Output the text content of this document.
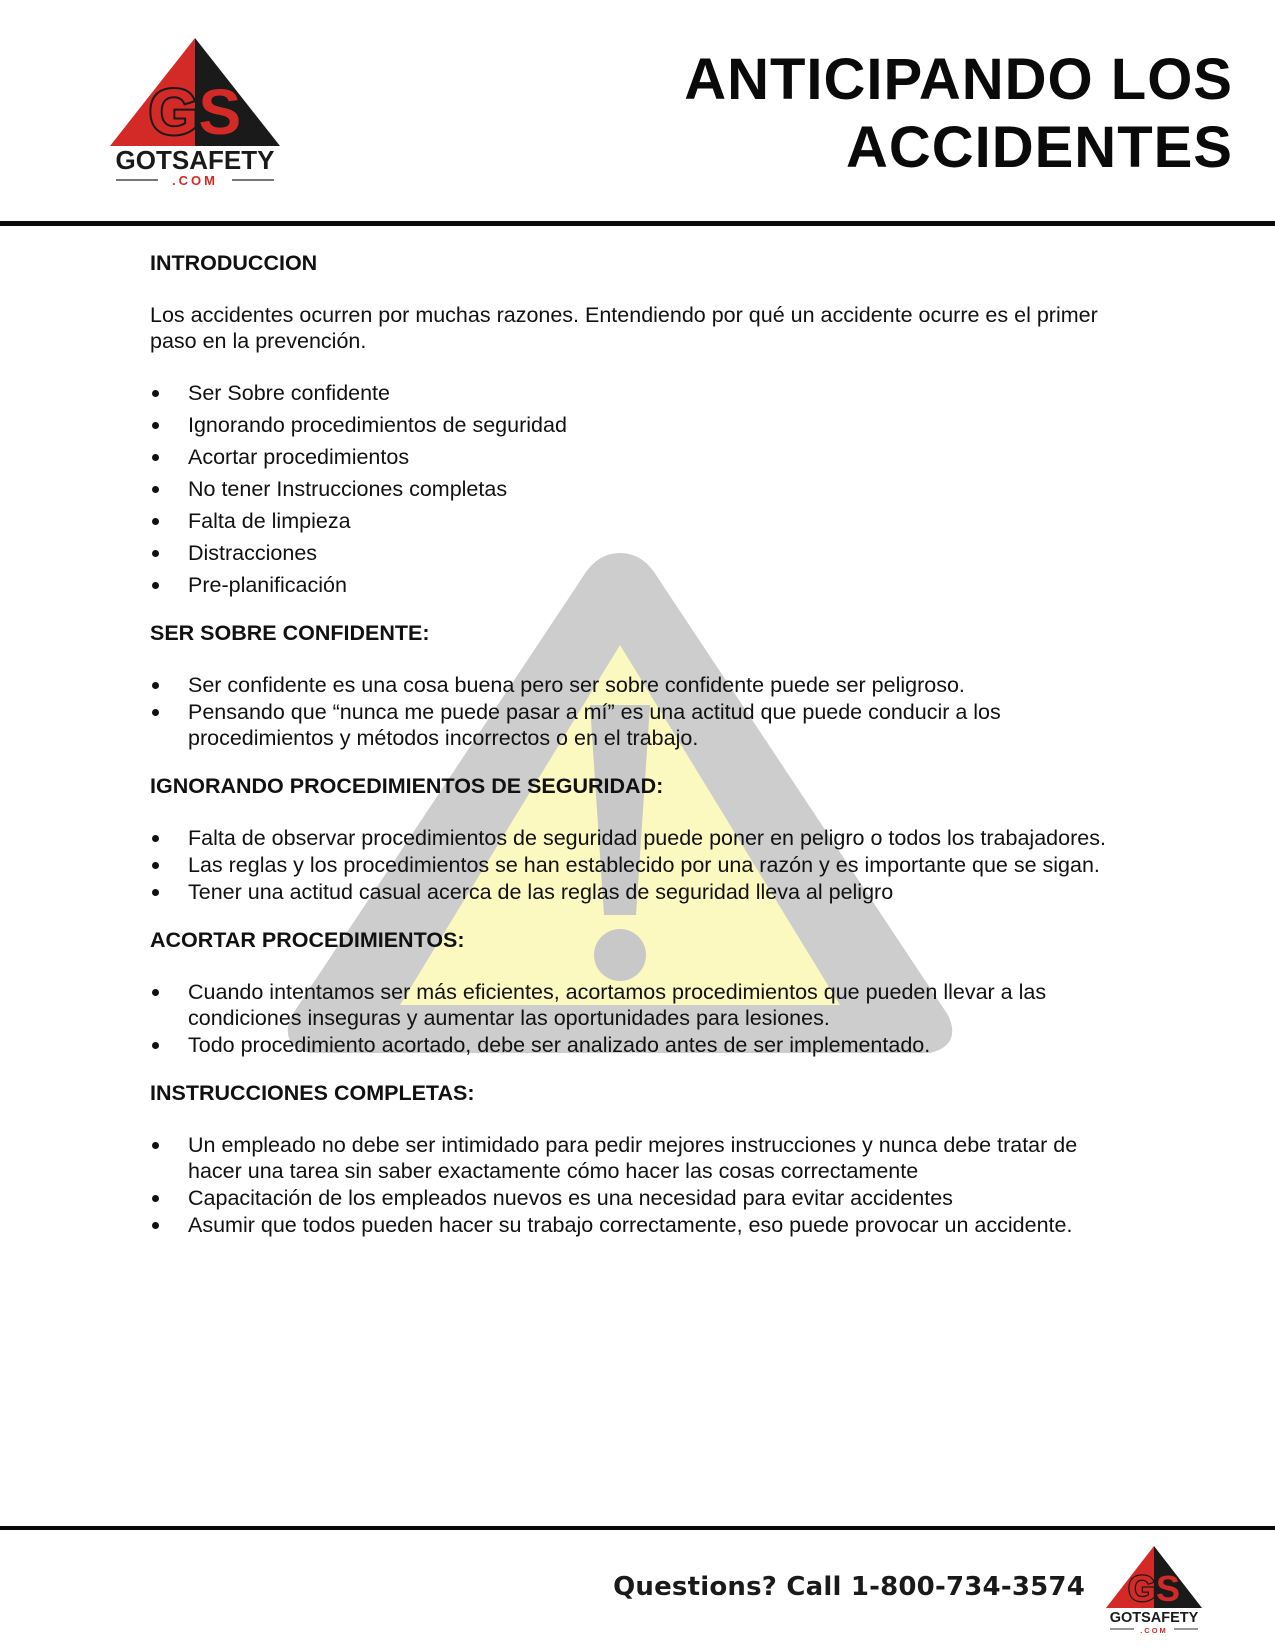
GS
GOTSAFETY
.COM
ANTICIPANDO LOS
ACCIDENTES
INTRODUCCION
Los accidentes ocurren por muchas razones. Entendiendo por qué un accidente ocurre es el primer paso en la prevención.
Ser Sobre confidente
Ignorando procedimientos de seguridad
Acortar procedimientos
No tener Instrucciones completas
Falta de limpieza
Distracciones
Pre-planificación
SER SOBRE CONFIDENTE:
Ser confidente es una cosa buena pero ser sobre confidente puede ser peligroso.
Pensando que “nunca me puede pasar a mí” es una actitud que puede conducir a los procedimientos y métodos incorrectos o en el trabajo.
IGNORANDO PROCEDIMIENTOS DE SEGURIDAD:
Falta de observar procedimientos de seguridad puede poner en peligro o todos los trabajadores.
Las reglas y los procedimientos se han establecido por una razón y es importante que se sigan.
Tener una actitud casual acerca de las reglas de seguridad lleva al peligro
ACORTAR PROCEDIMIENTOS:
Cuando intentamos ser más eficientes, acortamos procedimientos que pueden llevar a las condiciones inseguras y aumentar las oportunidades para lesiones.
Todo procedimiento acortado, debe ser analizado antes de ser implementado.
INSTRUCCIONES COMPLETAS:
Un empleado no debe ser intimidado para pedir mejores instrucciones y nunca debe tratar de hacer una tarea sin saber exactamente cómo hacer las cosas correctamente
Capacitación de los empleados nuevos es una necesidad para evitar accidentes
Asumir que todos pueden hacer su trabajo correctamente, eso puede provocar un accidente.
Questions? Call 1-800-734-3574 GS
GOTSAFETY
.COM
